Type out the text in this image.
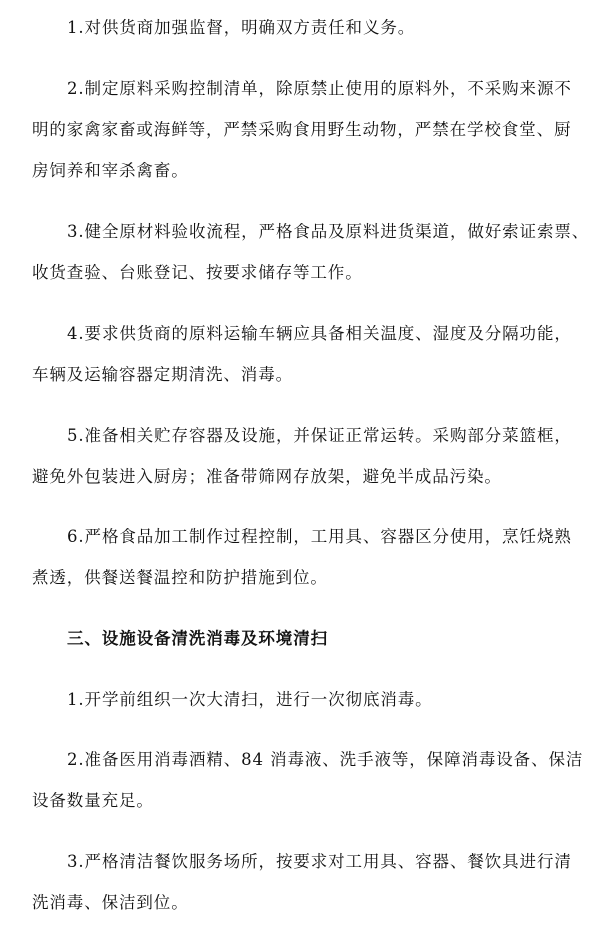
1.对供货商加强监督，明确双方责任和义务。
2.制定原料采购控制清单，除原禁止使用的原料外，不采购来源不
明的家禽家畜或海鲜等，严禁采购食用野生动物，严禁在学校食堂、厨
房饲养和宰杀禽畜。
3.健全原材料验收流程，严格食品及原料进货渠道，做好索证索票、
收货查验、台账登记、按要求储存等工作。
4.要求供货商的原料运输车辆应具备相关温度、湿度及分隔功能，
车辆及运输容器定期清洗、消毒。
5.准备相关贮存容器及设施，并保证正常运转。采购部分菜篮框，
避免外包装进入厨房；准备带筛网存放架，避免半成品污染。
6.严格食品加工制作过程控制，工用具、容器区分使用，烹饪烧熟
煮透，供餐送餐温控和防护措施到位。
三、设施设备清洗消毒及环境清扫
1.开学前组织一次大清扫，进行一次彻底消毒。
2.准备医用消毒酒精、84 消毒液、洗手液等，保障消毒设备、保洁
设备数量充足。
3.严格清洁餐饮服务场所，按要求对工用具、容器、餐饮具进行清
洗消毒、保洁到位。
